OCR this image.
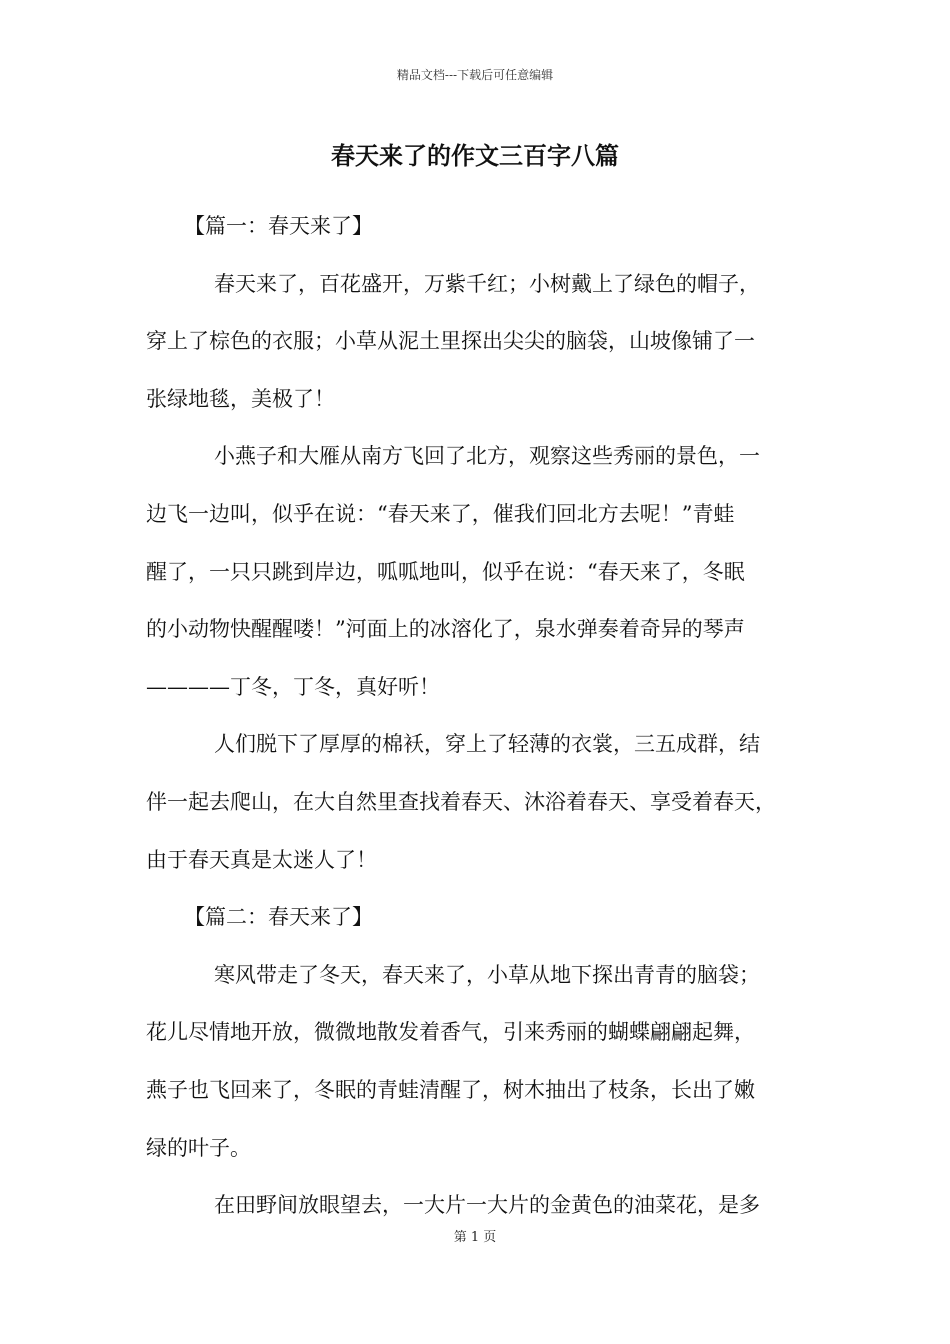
精品文档---下载后可任意编辑
春天来了的作文三百字八篇
【篇一：春天来了】
春天来了，百花盛开，万紫千红；小树戴上了绿色的帽子，
穿上了棕色的衣服；小草从泥土里探出尖尖的脑袋，山坡像铺了一
张绿地毯，美极了！
小燕子和大雁从南方飞回了北方，观察这些秀丽的景色，一
边飞一边叫，似乎在说：“春天来了，催我们回北方去呢！”青蛙
醒了，一只只跳到岸边，呱呱地叫，似乎在说：“春天来了，冬眠
的小动物快醒醒喽！”河面上的冰溶化了，泉水弹奏着奇异的琴声
————丁冬，丁冬，真好听！
人们脱下了厚厚的棉袄，穿上了轻薄的衣裳，三五成群，结
伴一起去爬山，在大自然里查找着春天、沐浴着春天、享受着春天，
由于春天真是太迷人了！
【篇二：春天来了】
寒风带走了冬天，春天来了，小草从地下探出青青的脑袋；
花儿尽情地开放，微微地散发着香气，引来秀丽的蝴蝶翩翩起舞，
燕子也飞回来了，冬眠的青蛙清醒了，树木抽出了枝条，长出了嫩
绿的叶子。
在田野间放眼望去，一大片一大片的金黄色的油菜花，是多
第 1 页
